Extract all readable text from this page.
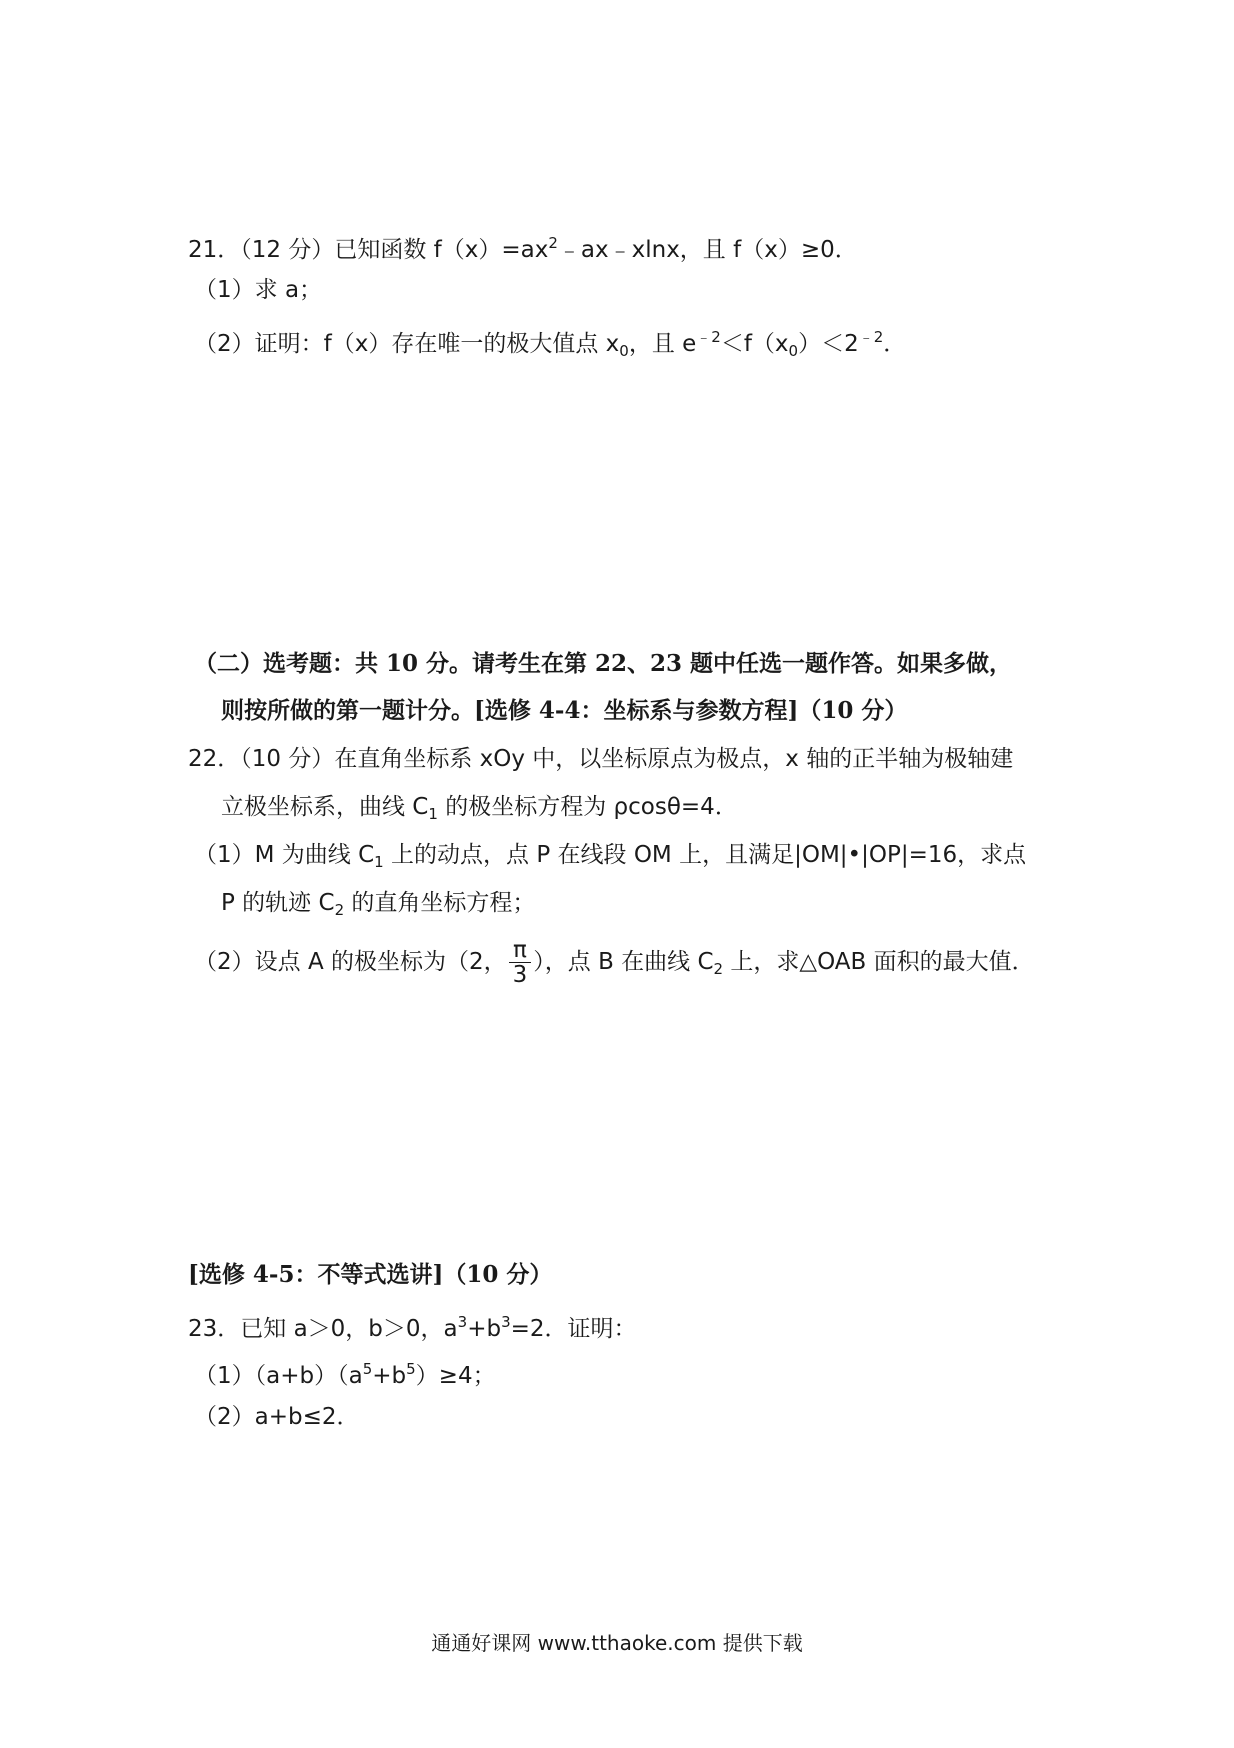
21．（12 分）已知函数 $f(x)=ax^2﹣ax﹣xlnx$，且 f（x）≥0．
（1）求 a；
（2）证明：f（x）存在唯一的极大值点 $x_0$，且 $e^{﹣2}<f(x_0)<2^{﹣2}$．
（二）选考题：共 10 分。请考生在第 22、23 题中任选一题作答。如果多做，
则按所做的第一题计分。[选修 4-4：坐标系与参数方程]（10 分）
22．（10 分）在直角坐标系 xOy 中，以坐标原点为极点，x 轴的正半轴为极轴建
立极坐标系，曲线 $C_1$ 的极坐标方程为 ρcosθ=4．
（1）M 为曲线 $C_1$ 上的动点，点 P 在线段 OM 上，且满足|OM|•|OP|=16，求点
P 的轨迹 $C_2$ 的直角坐标方程；
（2）设点 A 的极坐标为（2， $\frac{\pi}{3}$ ），点 B 在曲线 $C_2$ 上，求△OAB 面积的最大值．
[选修 4-5：不等式选讲]（10 分）
23．已知 a＞0，b＞0，$a^3+b^3=2$．证明：
$(1)(a+b)(a^5+b^5)\ge 4$；
（2）a+b≤2．
通通好课网 www.tthaoke.com 提供下载
